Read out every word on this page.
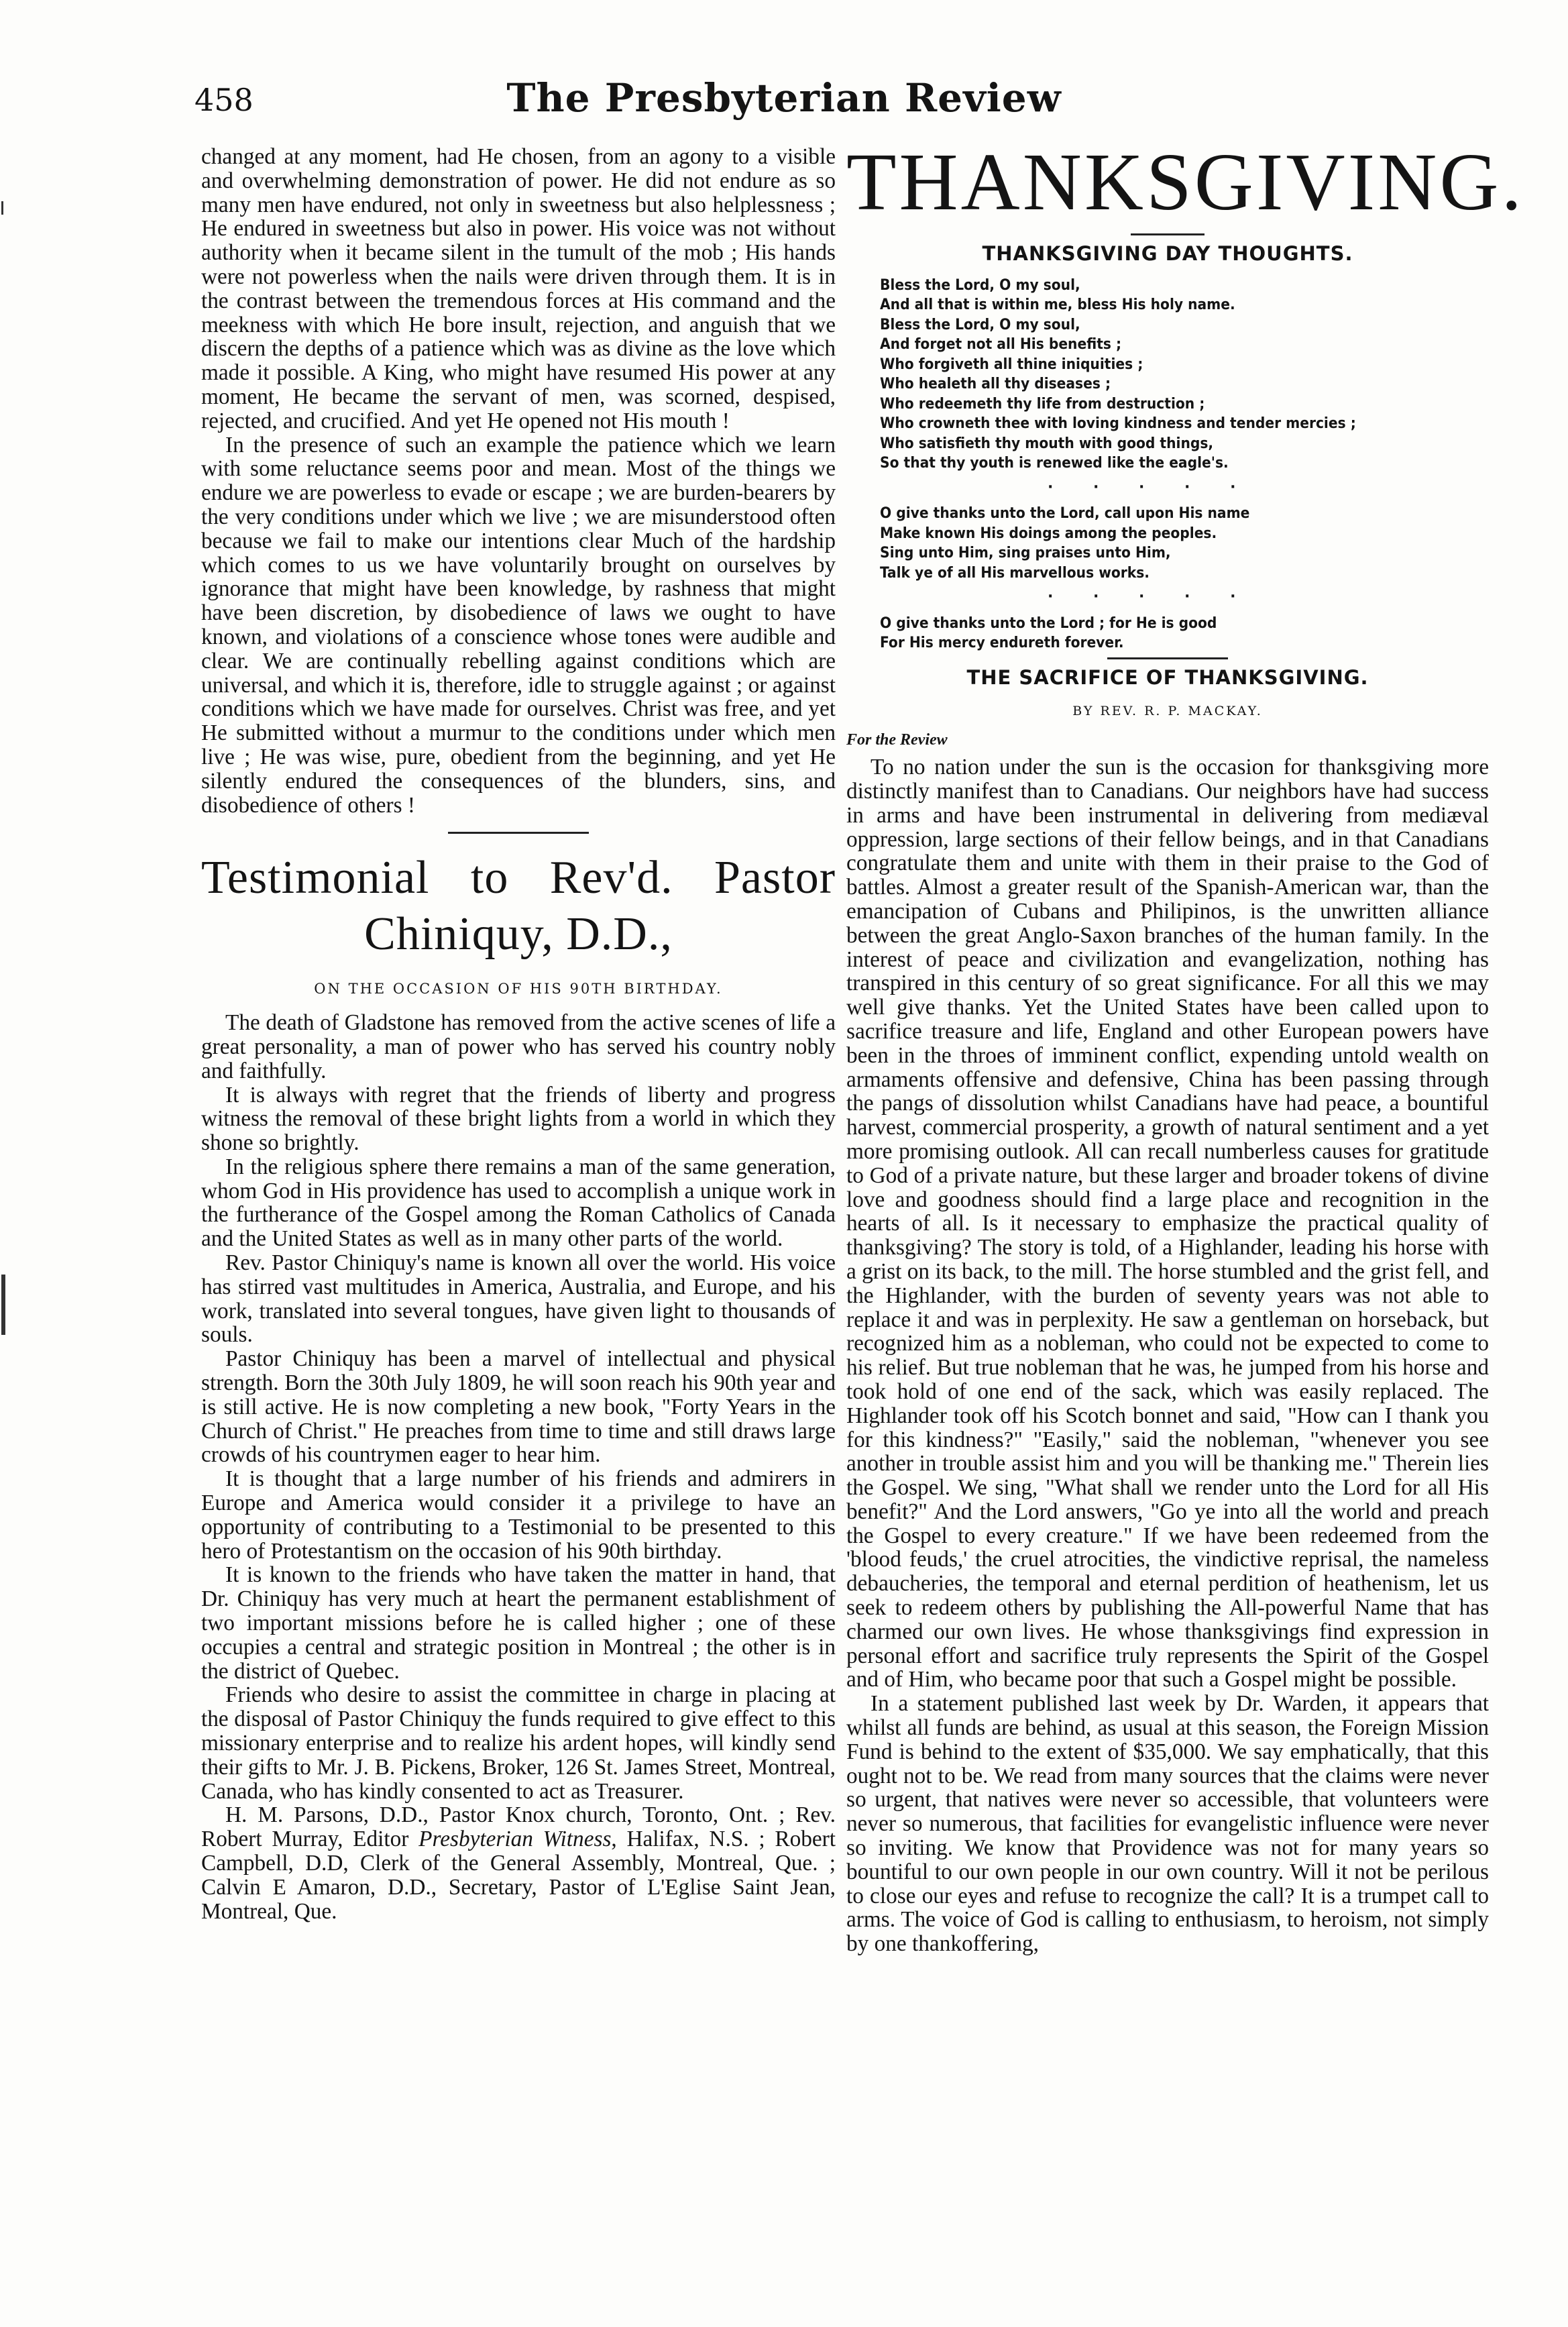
458	The Presbyterian Review

changed at any moment, had He chosen, from an agony to a visible and overwhelming demonstration of power. He did not endure as so many men have endured, not only in sweetness but also helplessness ; He endured in sweetness but also in power. His voice was not without authority when it became silent in the tumult of the mob ; His hands were not powerless when the nails were driven through them. It is in the contrast between the tremendous forces at His command and the meekness with which He bore insult, rejection, and anguish that we discern the depths of a patience which was as divine as the love which made it possible. A King, who might have resumed His power at any moment, He became the servant of men, was scorned, despised, rejected, and crucified. And yet He opened not His mouth !

In the presence of such an example the patience which we learn with some reluctance seems poor and mean. Most of the things we endure we are powerless to evade or escape ; we are burden-bearers by the very conditions under which we live ; we are misunderstood often because we fail to make our intentions clear Much of the hardship which comes to us we have voluntarily brought on ourselves by ignorance that might have been knowledge, by rashness that might have been discretion, by disobedience of laws we ought to have known, and violations of a conscience whose tones were audible and clear. We are continually rebelling against conditions which are universal, and which it is, therefore, idle to struggle against ; or against conditions which we have made for ourselves. Christ was free, and yet He submitted without a murmur to the conditions under which men live ; He was wise, pure, obedient from the beginning, and yet He silently endured the consequences of the blunders, sins, and disobedience of others !

Testimonial to Rev'd. Pastor
Chiniquy, D.D.,
ON THE OCCASION OF HIS 90TH BIRTHDAY.

The death of Gladstone has removed from the active scenes of life a great personality, a man of power who has served his country nobly and faithfully.

It is always with regret that the friends of liberty and progress witness the removal of these bright lights from a world in which they shone so brightly.

In the religious sphere there remains a man of the same generation, whom God in His providence has used to accomplish a unique work in the furtherance of the Gospel among the Roman Catholics of Canada and the United States as well as in many other parts of the world.

Rev. Pastor Chiniquy's name is known all over the world. His voice has stirred vast multitudes in America, Australia, and Europe, and his work, translated into several tongues, have given light to thousands of souls.

Pastor Chiniquy has been a marvel of intellectual and physical strength. Born the 30th July 1809, he will soon reach his 90th year and is still active. He is now completing a new book, "Forty Years in the Church of Christ." He preaches from time to time and still draws large crowds of his countrymen eager to hear him.

It is thought that a large number of his friends and admirers in Europe and America would consider it a privilege to have an opportunity of contributing to a Testimonial to be presented to this hero of Protestantism on the occasion of his 90th birthday.

It is known to the friends who have taken the matter in hand, that Dr. Chiniquy has very much at heart the permanent establishment of two important missions before he is called higher ; one of these occupies a central and strategic position in Montreal ; the other is in the district of Quebec.

Friends who desire to assist the committee in charge in placing at the disposal of Pastor Chiniquy the funds required to give effect to this missionary enterprise and to realize his ardent hopes, will kindly send their gifts to Mr. J. B. Pickens, Broker, 126 St. James Street, Montreal, Canada, who has kindly consented to act as Treasurer.

H. M. Parsons, D.D., Pastor Knox church, Toronto, Ont. ; Rev. Robert Murray, Editor Presbyterian Witness, Halifax, N.S. ; Robert Campbell, D.D, Clerk of the General Assembly, Montreal, Que. ; Calvin E Amaron, D.D., Secretary, Pastor of L'Eglise Saint Jean, Montreal, Que.

THANKSGIVING.
THANKSGIVING DAY THOUGHTS.
Bless the Lord, O my soul,
And all that is within me, bless His holy name.
Bless the Lord, O my soul,
And forget not all His benefits ;
Who forgiveth all thine iniquities ;
Who healeth all thy diseases ;
Who redeemeth thy life from destruction ;
Who crowneth thee with loving kindness and tender mercies ;
Who satisfieth thy mouth with good things,
So that thy youth is renewed like the eagle's.
· · · · ·
O give thanks unto the Lord, call upon His name
Make known His doings among the peoples.
Sing unto Him, sing praises unto Him,
Talk ye of all His marvellous works.
· · · · ·
O give thanks unto the Lord ; for He is good
For His mercy endureth forever.
THE SACRIFICE OF THANKSGIVING.
BY REV. R. P. MACKAY.
For the Review

To no nation under the sun is the occasion for thanksgiving more distinctly manifest than to Canadians. Our neighbors have had success in arms and have been instrumental in delivering from mediæval oppression, large sections of their fellow beings, and in that Canadians congratulate them and unite with them in their praise to the God of battles. Almost a greater result of the Spanish-American war, than the emancipation of Cubans and Philipinos, is the unwritten alliance between the great Anglo-Saxon branches of the human family. In the interest of peace and civilization and evangelization, nothing has transpired in this century of so great significance. For all this we may well give thanks. Yet the United States have been called upon to sacrifice treasure and life, England and other European powers have been in the throes of imminent conflict, expending untold wealth on armaments offensive and defensive, China has been passing through the pangs of dissolution whilst Canadians have had peace, a bountiful harvest, commercial prosperity, a growth of natural sentiment and a yet more promising outlook. All can recall numberless causes for gratitude to God of a private nature, but these larger and broader tokens of divine love and goodness should find a large place and recognition in the hearts of all. Is it necessary to emphasize the practical quality of thanksgiving? The story is told, of a Highlander, leading his horse with a grist on its back, to the mill. The horse stumbled and the grist fell, and the Highlander, with the burden of seventy years was not able to replace it and was in perplexity. He saw a gentleman on horseback, but recognized him as a nobleman, who could not be expected to come to his relief. But true nobleman that he was, he jumped from his horse and took hold of one end of the sack, which was easily replaced. The Highlander took off his Scotch bonnet and said, "How can I thank you for this kindness?" "Easily," said the nobleman, "whenever you see another in trouble assist him and you will be thanking me." Therein lies the Gospel. We sing, "What shall we render unto the Lord for all His benefit?" And the Lord answers, "Go ye into all the world and preach the Gospel to every creature." If we have been redeemed from the 'blood feuds,' the cruel atrocities, the vindictive reprisal, the nameless debaucheries, the temporal and eternal perdition of heathenism, let us seek to redeem others by publishing the All-powerful Name that has charmed our own lives. He whose thanksgivings find expression in personal effort and sacrifice truly represents the Spirit of the Gospel and of Him, who became poor that such a Gospel might be possible.

In a statement published last week by Dr. Warden, it appears that whilst all funds are behind, as usual at this season, the Foreign Mission Fund is behind to the extent of $35,000. We say emphatically, that this ought not to be. We read from many sources that the claims were never so urgent, that natives were never so accessible, that volunteers were never so numerous, that facilities for evangelistic influence were never so inviting. We know that Providence was not for many years so bountiful to our own people in our own country. Will it not be perilous to close our eyes and refuse to recognize the call? It is a trumpet call to arms. The voice of God is calling to enthusiasm, to heroism, not simply by one thankoffering,
